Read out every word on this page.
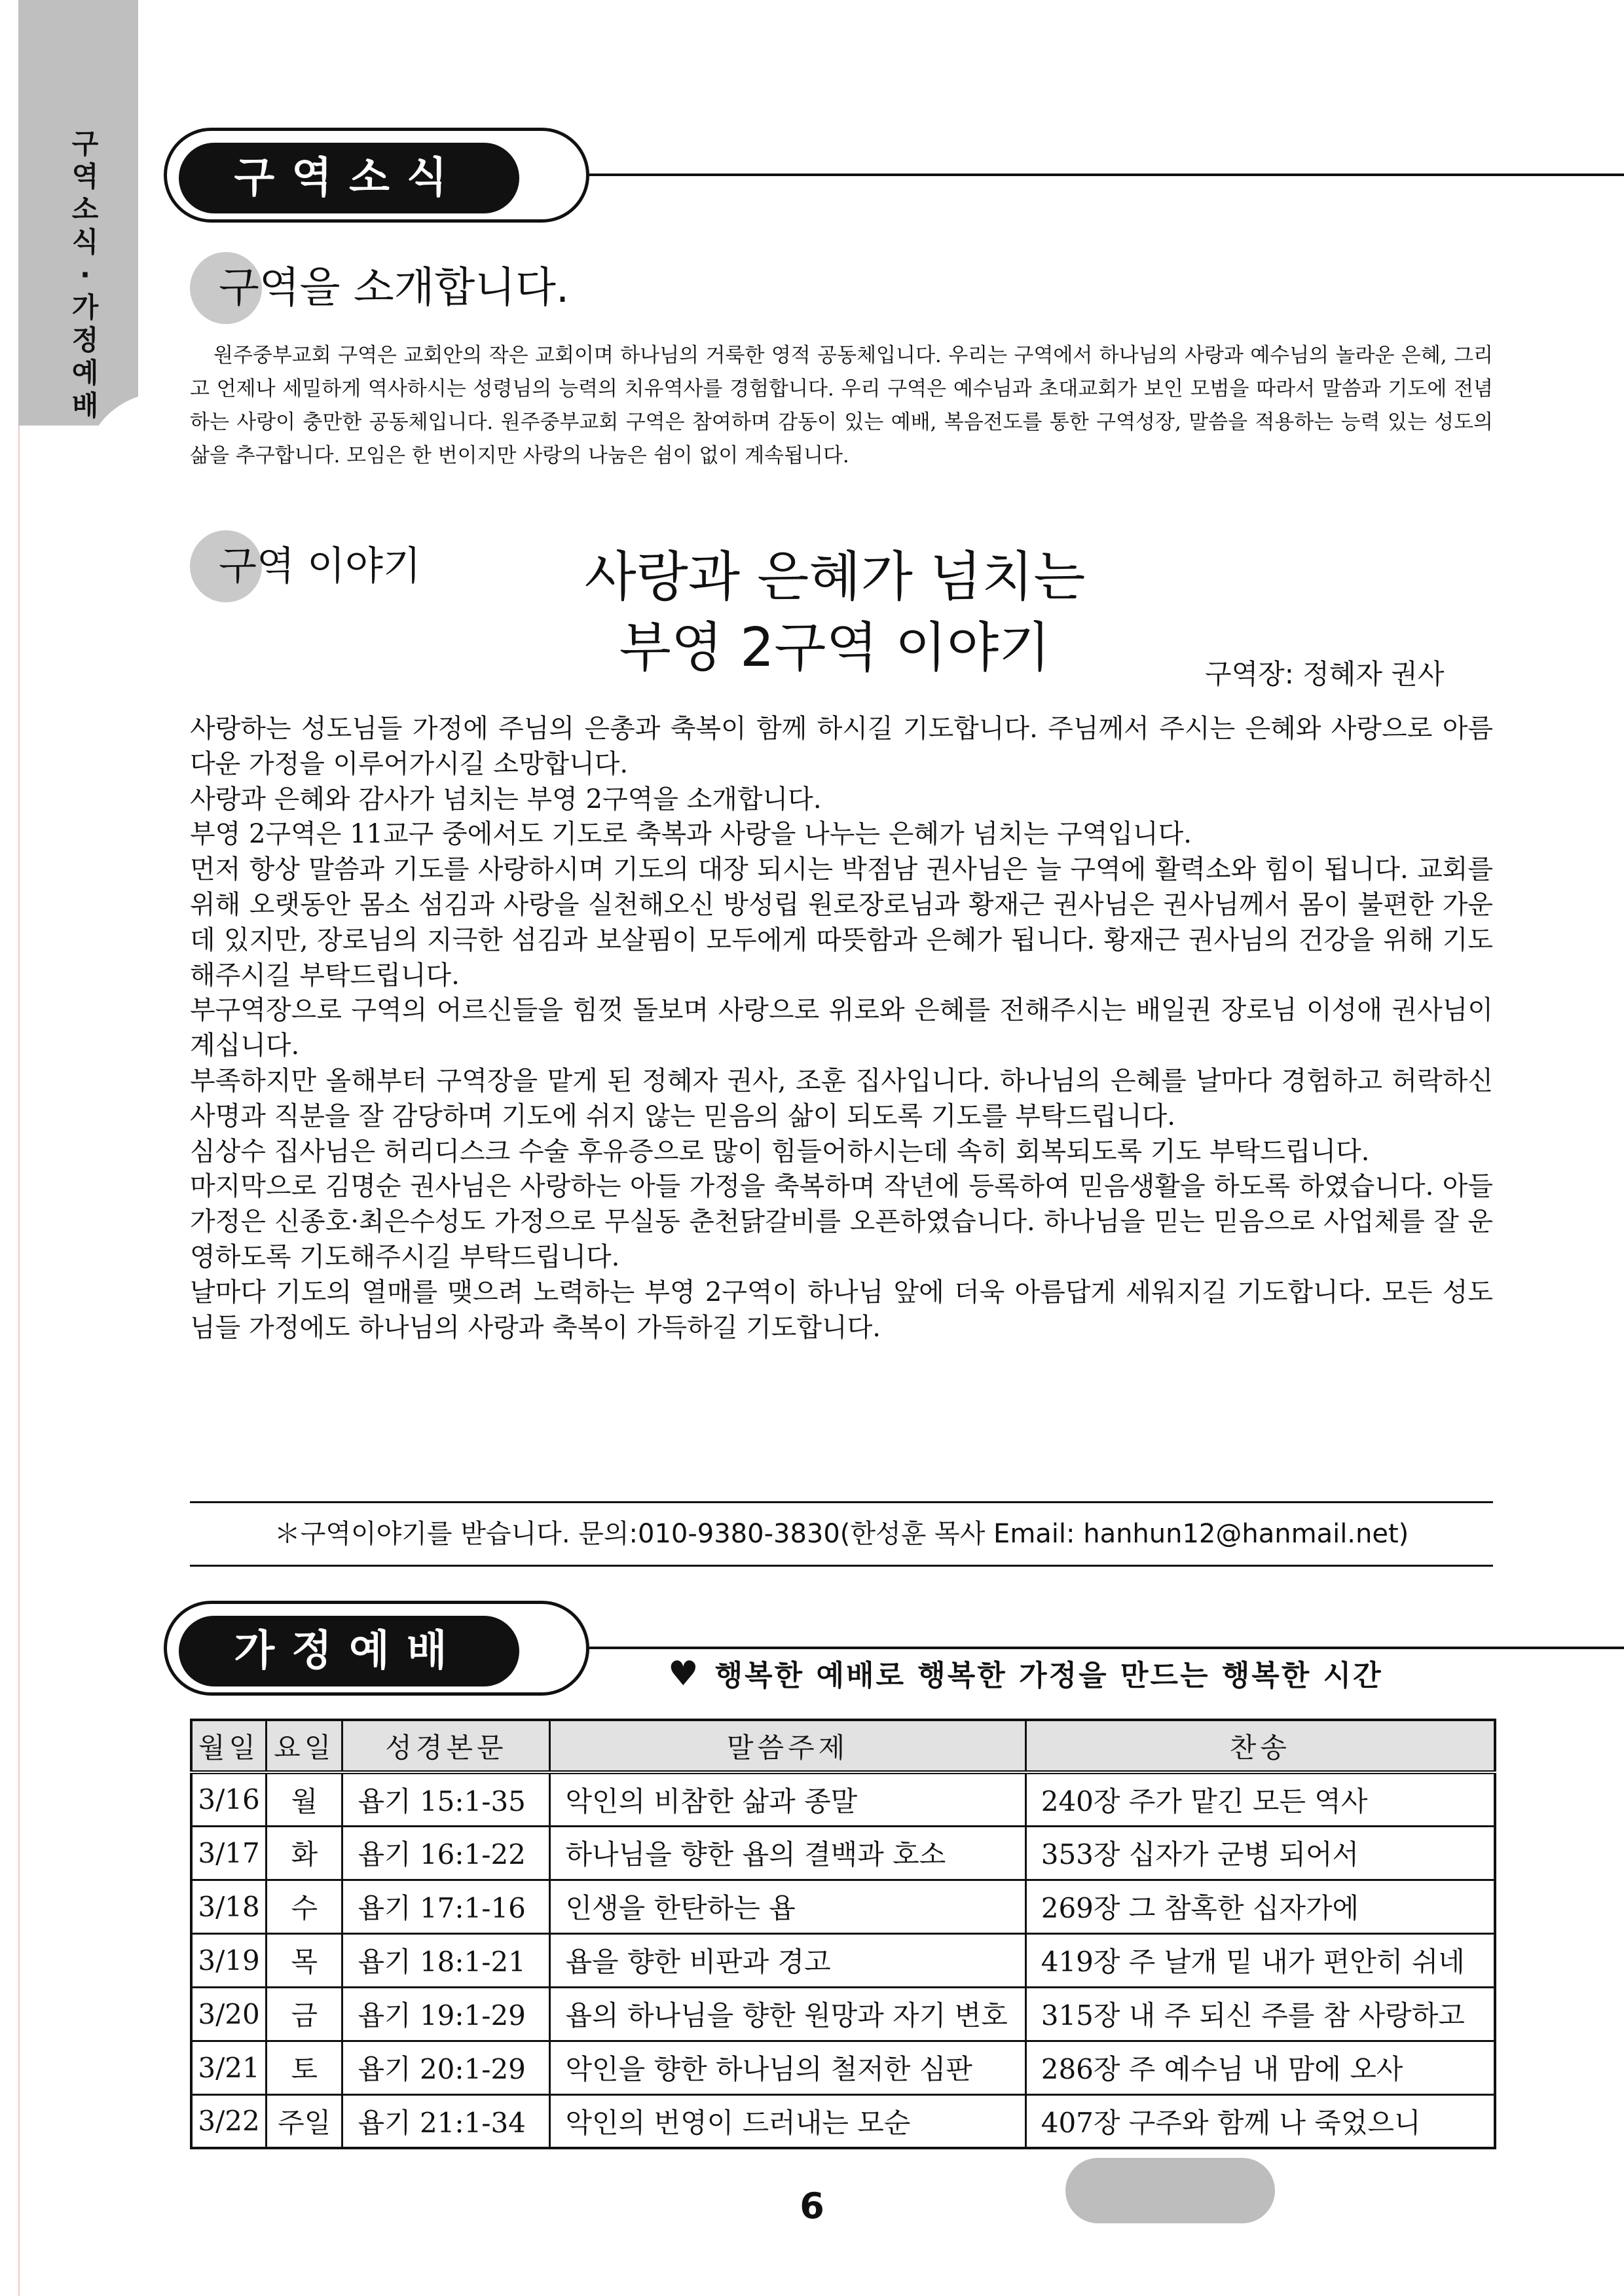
구
역
소
식
·
가
정
예
배
구역소식
구역을 소개합니다.
원주중부교회 구역은 교회안의 작은 교회이며 하나님의 거룩한 영적 공동체입니다. 우리는 구역에서 하나님의 사랑과 예수님의 놀라운 은혜, 그리고 언제나 세밀하게 역사하시는 성령님의 능력의 치유역사를 경험합니다. 우리 구역은 예수님과 초대교회가 보인 모범을 따라서 말씀과 기도에 전념하는 사랑이 충만한 공동체입니다. 원주중부교회 구역은 참여하며 감동이 있는 예배, 복음전도를 통한 구역성장, 말씀을 적용하는 능력 있는 성도의 삶을 추구합니다. 모임은 한 번이지만 사랑의 나눔은 쉼이 없이 계속됩니다.
구역 이야기	사랑과 은혜가 넘치는
부영 2구역 이야기	구역장: 정혜자 권사

사랑하는 성도님들 가정에 주님의 은총과 축복이 함께 하시길 기도합니다. 주님께서 주시는 은혜와 사랑으로 아름다운 가정을 이루어가시길 소망합니다.

사랑과 은혜와 감사가 넘치는 부영 2구역을 소개합니다.

부영 2구역은 11교구 중에서도 기도로 축복과 사랑을 나누는 은혜가 넘치는 구역입니다.

먼저 항상 말씀과 기도를 사랑하시며 기도의 대장 되시는 박점남 권사님은 늘 구역에 활력소와 힘이 됩니다. 교회를 위해 오랫동안 몸소 섬김과 사랑을 실천해오신 방성립 원로장로님과 황재근 권사님은 권사님께서 몸이 불편한 가운데 있지만, 장로님의 지극한 섬김과 보살핌이 모두에게 따뜻함과 은혜가 됩니다. 황재근 권사님의 건강을 위해 기도해주시길 부탁드립니다.

부구역장으로 구역의 어르신들을 힘껏 돌보며 사랑으로 위로와 은혜를 전해주시는 배일권 장로님 이성애 권사님이 계십니다.

부족하지만 올해부터 구역장을 맡게 된 정혜자 권사, 조훈 집사입니다. 하나님의 은혜를 날마다 경험하고 허락하신 사명과 직분을 잘 감당하며 기도에 쉬지 않는 믿음의 삶이 되도록 기도를 부탁드립니다.

심상수 집사님은 허리디스크 수술 후유증으로 많이 힘들어하시는데 속히 회복되도록 기도 부탁드립니다.

마지막으로 김명순 권사님은 사랑하는 아들 가정을 축복하며 작년에 등록하여 믿음생활을 하도록 하였습니다. 아들 가정은 신종호·최은수성도 가정으로 무실동 춘천닭갈비를 오픈하였습니다. 하나님을 믿는 믿음으로 사업체를 잘 운영하도록 기도해주시길 부탁드립니다.

날마다 기도의 열매를 맺으려 노력하는 부영 2구역이 하나님 앞에 더욱 아름답게 세워지길 기도합니다. 모든 성도님들 가정에도 하나님의 사랑과 축복이 가득하길 기도합니다.

＊구역이야기를 받습니다. 문의:010-9380-3830(한성훈 목사 Email: hanhun12@hanmail.net)
가정예배	♥ 행복한 예배로 행복한 가정을 만드는 행복한 시간
월일	요일	성경본문	말씀주제	찬송
3/16	월	욥기 15:1-35	악인의 비참한 삶과 종말	240장 주가 맡긴 모든 역사
3/17	화	욥기 16:1-22	하나님을 향한 욥의 결백과 호소	353장 십자가 군병 되어서
3/18	수	욥기 17:1-16	인생을 한탄하는 욥	269장 그 참혹한 십자가에
3/19	목	욥기 18:1-21	욥을 향한 비판과 경고	419장 주 날개 밑 내가 편안히 쉬네
3/20	금	욥기 19:1-29	욥의 하나님을 향한 원망과 자기 변호	315장 내 주 되신 주를 참 사랑하고
3/21	토	욥기 20:1-29	악인을 향한 하나님의 철저한 심판	286장 주 예수님 내 맘에 오사
3/22	주일	욥기 21:1-34	악인의 번영이 드러내는 모순	407장 구주와 함께 나 죽었으니
6
